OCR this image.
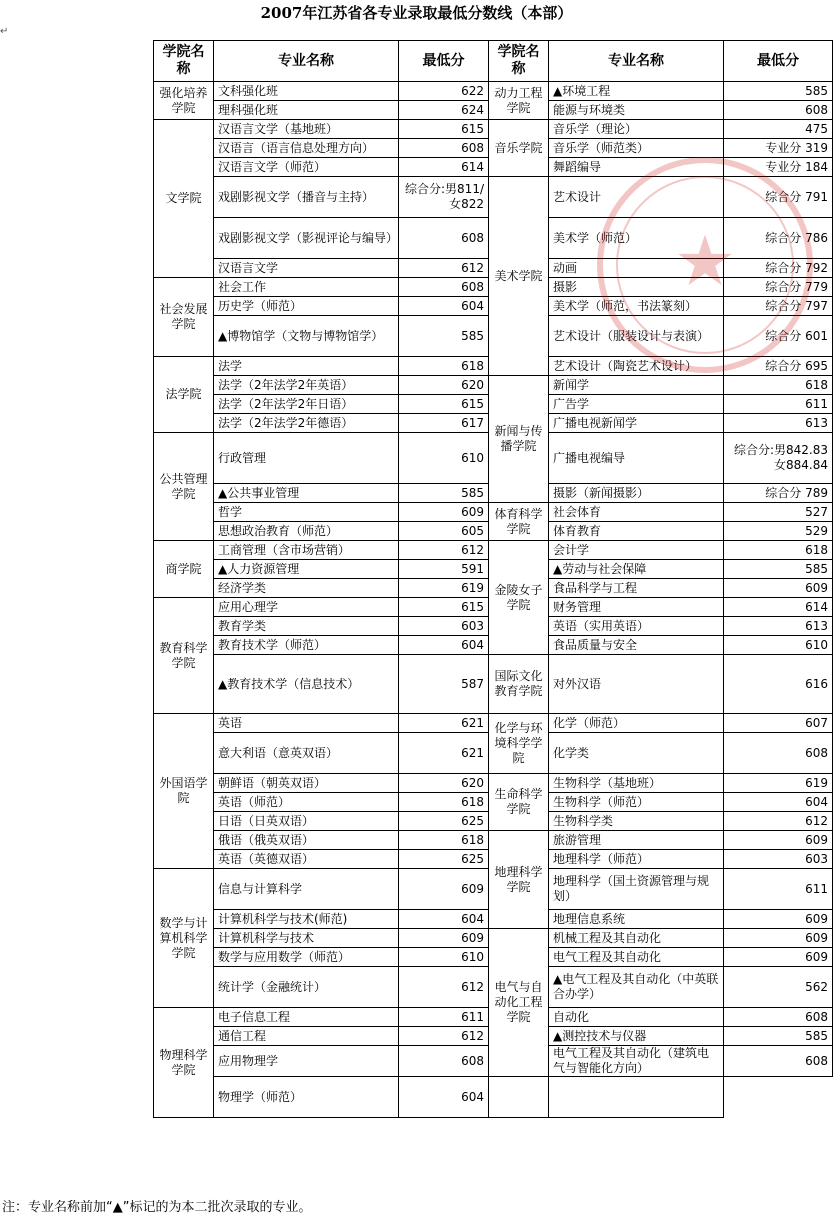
2007年江苏省各专业录取最低分数线（本部）
↵
学院名称	专业名称	最低分	学院名称	专业名称	最低分
强化培养学院	文科强化班	622	动力工程学院	▲环境工程	585
	理科强化班	624		能源与环境类	608
文学院	汉语言文学（基地班）	615	音乐学院	音乐学（理论）	475
	汉语言（语言信息处理方向）	608		音乐学（师范类）	专业分 319
	汉语言文学（师范）	614		舞蹈编导	专业分 184
	戏剧影视文学（播音与主持）	综合分:男811/女822	美术学院	艺术设计	综合分 791
	戏剧影视文学（影视评论与编导）	608		美术学（师范）	综合分 786
	汉语言文学	612		动画	综合分 792
社会发展学院	社会工作	608		摄影	综合分 779
	历史学（师范）	604		美术学（师范，书法篆刻）	综合分 797
	▲博物馆学（文物与博物馆学）	585		艺术设计（服装设计与表演）	综合分 601
法学院	法学	618		艺术设计（陶瓷艺术设计）	综合分 695
	法学（2年法学2年英语）	620	新闻与传播学院	新闻学	618
	法学（2年法学2年日语）	615		广告学	611
	法学（2年法学2年德语）	617		广播电视新闻学	613
公共管理学院	行政管理	610		广播电视编导	综合分:男842.83 女884.84
	▲公共事业管理	585		摄影（新闻摄影）	综合分 789
	哲学	609	体育科学学院	社会体育	527
	思想政治教育（师范）	605		体育教育	529
商学院	工商管理（含市场营销）	612	金陵女子学院	会计学	618
	▲人力资源管理	591		▲劳动与社会保障	585
	经济学类	619		食品科学与工程	609
教育科学学院	应用心理学	615		财务管理	614
	教育学类	603		英语（实用英语）	613
	教育技术学（师范）	604		食品质量与安全	610
	▲教育技术学（信息技术）	587	国际文化教育学院	对外汉语	616
外国语学院	英语	621	化学与环境科学学院	化学（师范）	607
	意大利语（意英双语）	621		化学类	608
	朝鲜语（朝英双语）	620	生命科学学院	生物科学（基地班）	619
	英语（师范）	618		生物科学（师范）	604
	日语（日英双语）	625		生物科学类	612
	俄语（俄英双语）	618	地理科学学院	旅游管理	609
	英语（英德双语）	625		地理科学（师范）	603
数学与计算机科学学院	信息与计算科学	609		地理科学（国土资源管理与规划）	611
	计算机科学与技术(师范)	604		地理信息系统	609
	计算机科学与技术	609	电气与自动化工程学院	机械工程及其自动化	609
	数学与应用数学（师范）	610		电气工程及其自动化	609
	统计学（金融统计）	612		▲电气工程及其自动化（中英联合办学）	562
物理科学学院	电子信息工程	611		自动化	608
	通信工程	612		▲测控技术与仪器	585
	应用物理学	608		电气工程及其自动化（建筑电气与智能化方向）	608
	物理学（师范）	604			
★
注：专业名称前加“▲”标记的为本二批次录取的专业。
